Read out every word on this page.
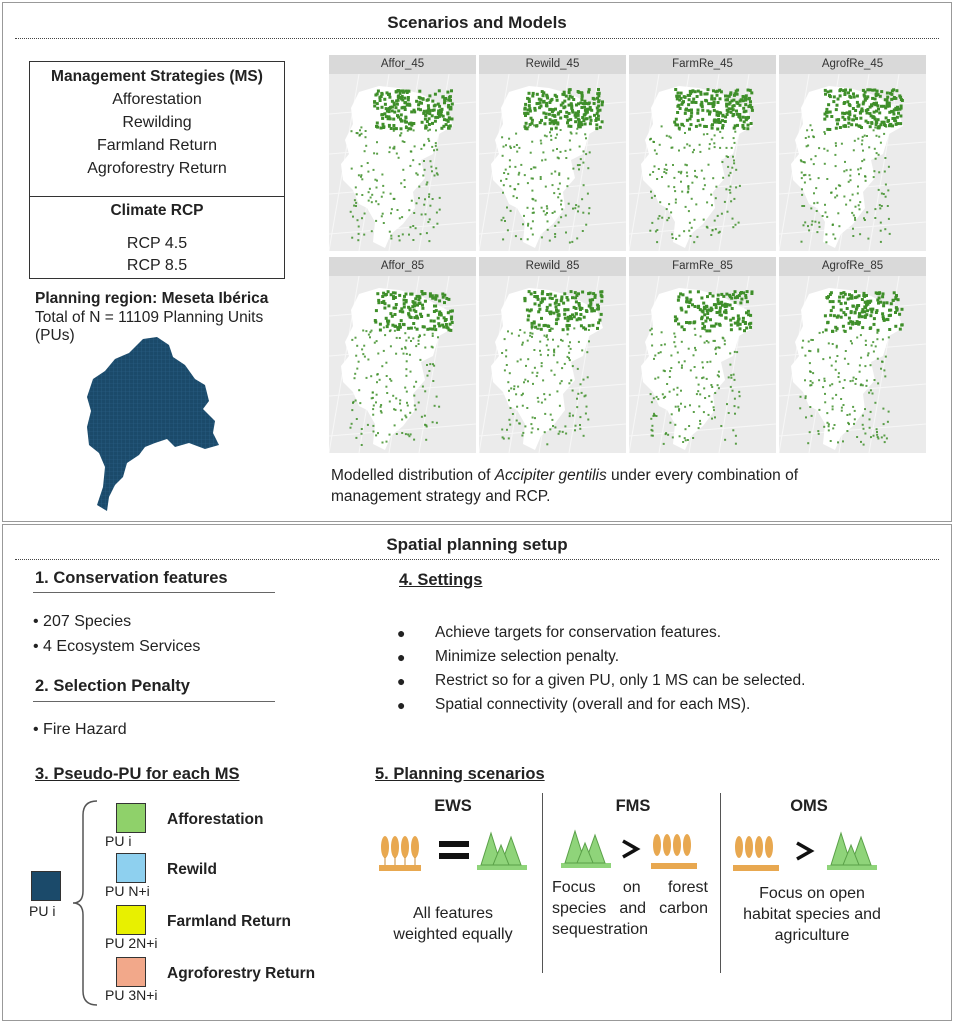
Scenarios and Models
Management Strategies (MS)
Afforestation
Rewilding
Farmland Return
Agroforestry Return
Climate RCP
RCP 4.5
RCP 8.5
Planning region: Meseta Ibérica
Total of N = 11109 Planning Units (PUs)
Affor_45	Rewild_45	FarmRe_45	AgrofRe_45
Affor_85	Rewild_85	FarmRe_85	AgrofRe_85
Modelled distribution of Accipiter gentilis under every combination of management strategy and RCP.
Spatial planning setup
1. Conservation features
• 207 Species
• 4 Ecosystem Services
2. Selection Penalty
• Fire Hazard
3. Pseudo-PU for each MS
PU i
PU i
Afforestation
PU N+i
Rewild
PU 2N+i
Farmland Return
PU 3N+i
Agroforestry Return
4. Settings
●	Achieve targets for conservation features.
●	Minimize selection penalty.
●	Restrict so for a given PU, only 1 MS can be selected.
●	Spatial connectivity (overall and for each MS).
5. Planning scenarios
EWS
All features weighted equally
FMS
Focus on forest species and carbon sequestration
OMS
Focus on open habitat species and agriculture
